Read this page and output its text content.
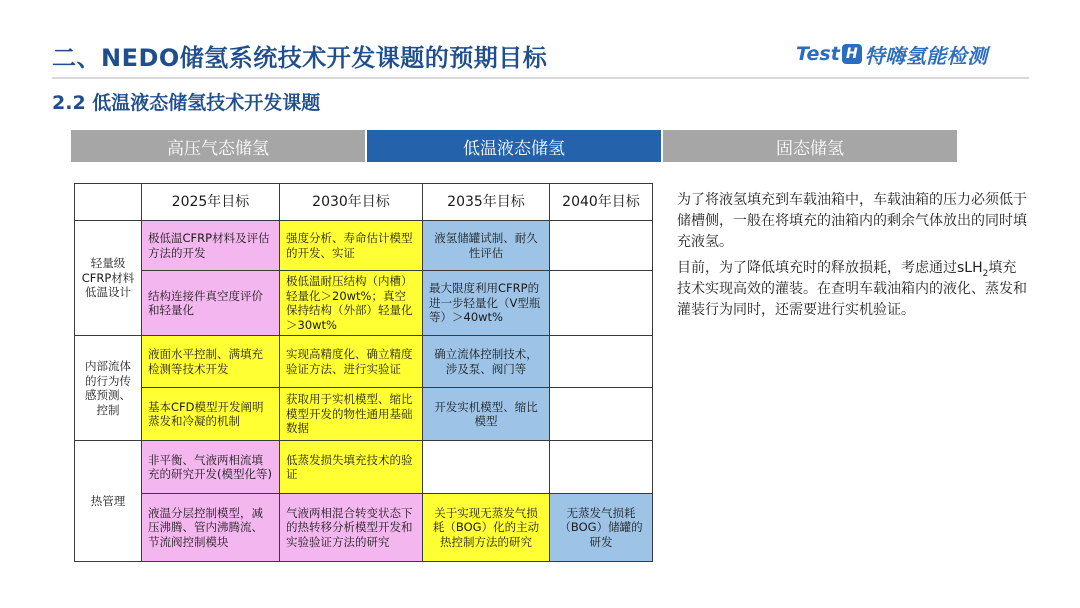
二、NEDO储氢系统技术开发课题的预期目标	Test H 特嗨氢能检测
2.2 低温液态储氢技术开发课题
高压气态储氢	低温液态储氢	固态储氢
	2025年目标	2030年目标	2035年目标	2040年目标
轻量级CFRP材料低温设计	极低温CFRP材料及评估方法的开发	强度分析、寿命估计模型的开发、实证	液氢储罐试制、耐久性评估	
	结构连接件真空度评价和轻量化	极低温耐压结构（内槽）轻量化＞20wt%；真空保持结构（外部）轻量化＞30wt%	最大限度利用CFRP的进一步轻量化（V型瓶等）＞40wt%	
内部流体的行为传感预测、控制	液面水平控制、满填充检测等技术开发	实现高精度化、确立精度验证方法、进行实验证	确立流体控制技术，涉及泵、阀门等	
	基本CFD模型开发阐明蒸发和冷凝的机制	获取用于实机模型、缩比模型开发的物性通用基础数据	开发实机模型、缩比模型	
热管理	非平衡、气液两相流填充的研究开发(模型化等)	低蒸发损失填充技术的验证		
	液温分层控制模型，减压沸腾、管内沸腾流、节流阀控制模块	气液两相混合转变状态下的热转移分析模型开发和实验验证方法的研究	关于实现无蒸发气损耗（BOG）化的主动热控制方法的研究	无蒸发气损耗（BOG）储罐的研发

为了将液氢填充到车载油箱中，车载油箱的压力必须低于储槽侧，一般在将填充的油箱内的剩余气体放出的同时填充液氢。

目前，为了降低填充时的释放损耗，考虑通过sLH$_2$填充技术实现高效的灌装。在查明车载油箱内的液化、蒸发和灌装行为同时，还需要进行实机验证。
